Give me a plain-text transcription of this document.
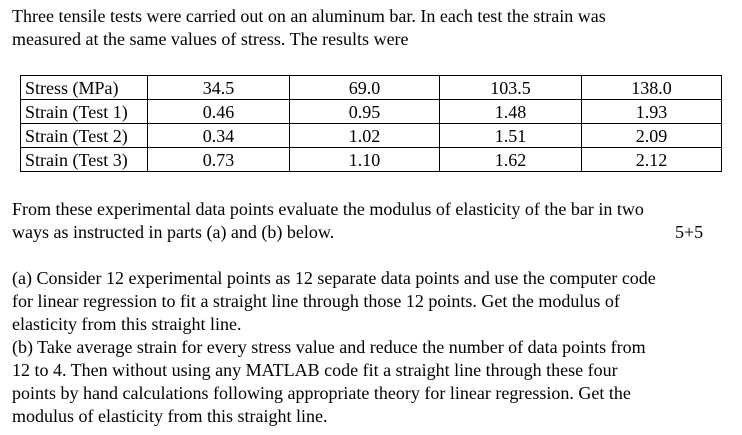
Three tensile tests were carried out on an aluminum bar. In each test the strain was
measured at the same values of stress. The results were
Stress (MPa)	34.5	69.0	103.5	138.0
Strain (Test 1)	0.46	0.95	1.48	1.93
Strain (Test 2)	0.34	1.02	1.51	2.09
Strain (Test 3)	0.73	1.10	1.62	2.12
From these experimental data points evaluate the modulus of elasticity of the bar in two
ways as instructed in parts (a) and (b) below.	5+5
(a) Consider 12 experimental points as 12 separate data points and use the computer code
for linear regression to fit a straight line through those 12 points. Get the modulus of
elasticity from this straight line.
(b) Take average strain for every stress value and reduce the number of data points from
12 to 4. Then without using any MATLAB code fit a straight line through these four
points by hand calculations following appropriate theory for linear regression. Get the
modulus of elasticity from this straight line.
